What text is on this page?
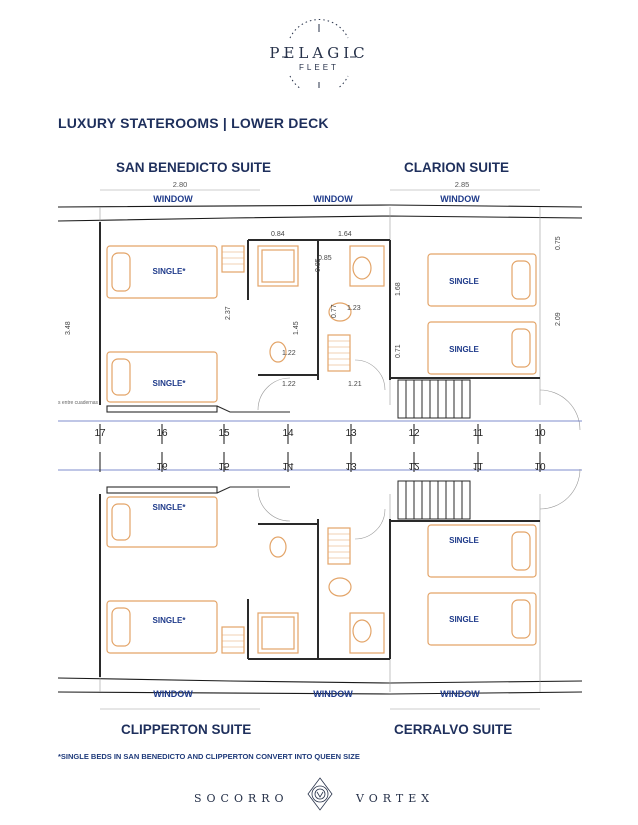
PELAGIC
FLEET
LUXURY STATEROOMS | LOWER DECK
SAN BENEDICTO SUITE	CLARION SUITE
CLIPPERTON SUITE	CERRALVO SUITE
2.80	2.85
WINDOW	WINDOW	WINDOW
SINGLE*
SINGLE*
SINGLE
SINGLE
0.84	1.64
0.85
1.23
1.22
1.22	1.21
2.37
3.48	1.45
0.85
0.77
1.68
0.71
0.75
2.09
s entre cuadernas
17	16	15	14	13	12	11	10
16	15	14	13	12	11	10
SINGLE*
SINGLE*
SINGLE
SINGLE
WINDOW	WINDOW	WINDOW
*SINGLE BEDS IN SAN BENEDICTO AND CLIPPERTON CONVERT INTO QUEEN SIZE
SOCORRO	VORTEX
